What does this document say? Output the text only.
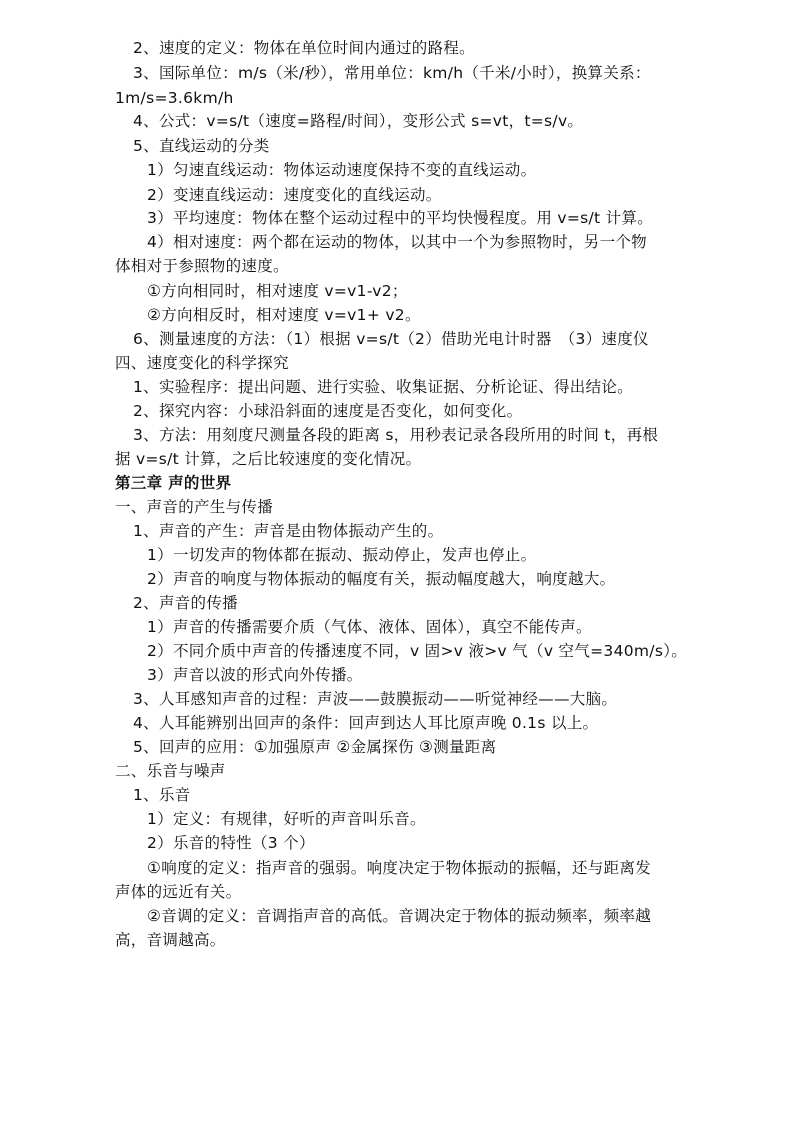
2、速度的定义：物体在单位时间内通过的路程。
3、国际单位：m/s（米/秒），常用单位：km/h（千米/小时），换算关系：
1m/s=3.6km/h
4、公式：v=s/t（速度=路程/时间），变形公式 s=vt，t=s/v。
5、直线运动的分类
1）匀速直线运动：物体运动速度保持不变的直线运动。
2）变速直线运动：速度变化的直线运动。
3）平均速度：物体在整个运动过程中的平均快慢程度。用 v=s/t 计算。
4）相对速度：两个都在运动的物体，以其中一个为参照物时，另一个物
体相对于参照物的速度。
①方向相同时，相对速度 v=v1-v2；
②方向相反时，相对速度 v=v1+ v2。
6、测量速度的方法：（1）根据 v=s/t（2）借助光电计时器　（3）速度仪
四、速度变化的科学探究
1、实验程序：提出问题、进行实验、收集证据、分析论证、得出结论。
2、探究内容：小球沿斜面的速度是否变化，如何变化。
3、方法：用刻度尺测量各段的距离 s，用秒表记录各段所用的时间 t，再根
据 v=s/t 计算，之后比较速度的变化情况。
第三章 声的世界
一、声音的产生与传播
1、声音的产生：声音是由物体振动产生的。
1）一切发声的物体都在振动、振动停止，发声也停止。
2）声音的响度与物体振动的幅度有关，振动幅度越大，响度越大。
2、声音的传播
1）声音的传播需要介质（气体、液体、固体），真空不能传声。
2）不同介质中声音的传播速度不同，v 固>v 液>v 气（v 空气=340m/s）。
3）声音以波的形式向外传播。
3、人耳感知声音的过程：声波——鼓膜振动——听觉神经——大脑。
4、人耳能辨别出回声的条件：回声到达人耳比原声晚 0.1s 以上。
5、回声的应用：①加强原声 ②金属探伤 ③测量距离
二、乐音与噪声
1、乐音
1）定义：有规律，好听的声音叫乐音。
2）乐音的特性（3 个）
①响度的定义：指声音的强弱。响度决定于物体振动的振幅，还与距离发
声体的远近有关。
②音调的定义：音调指声音的高低。音调决定于物体的振动频率，频率越
高，音调越高。
